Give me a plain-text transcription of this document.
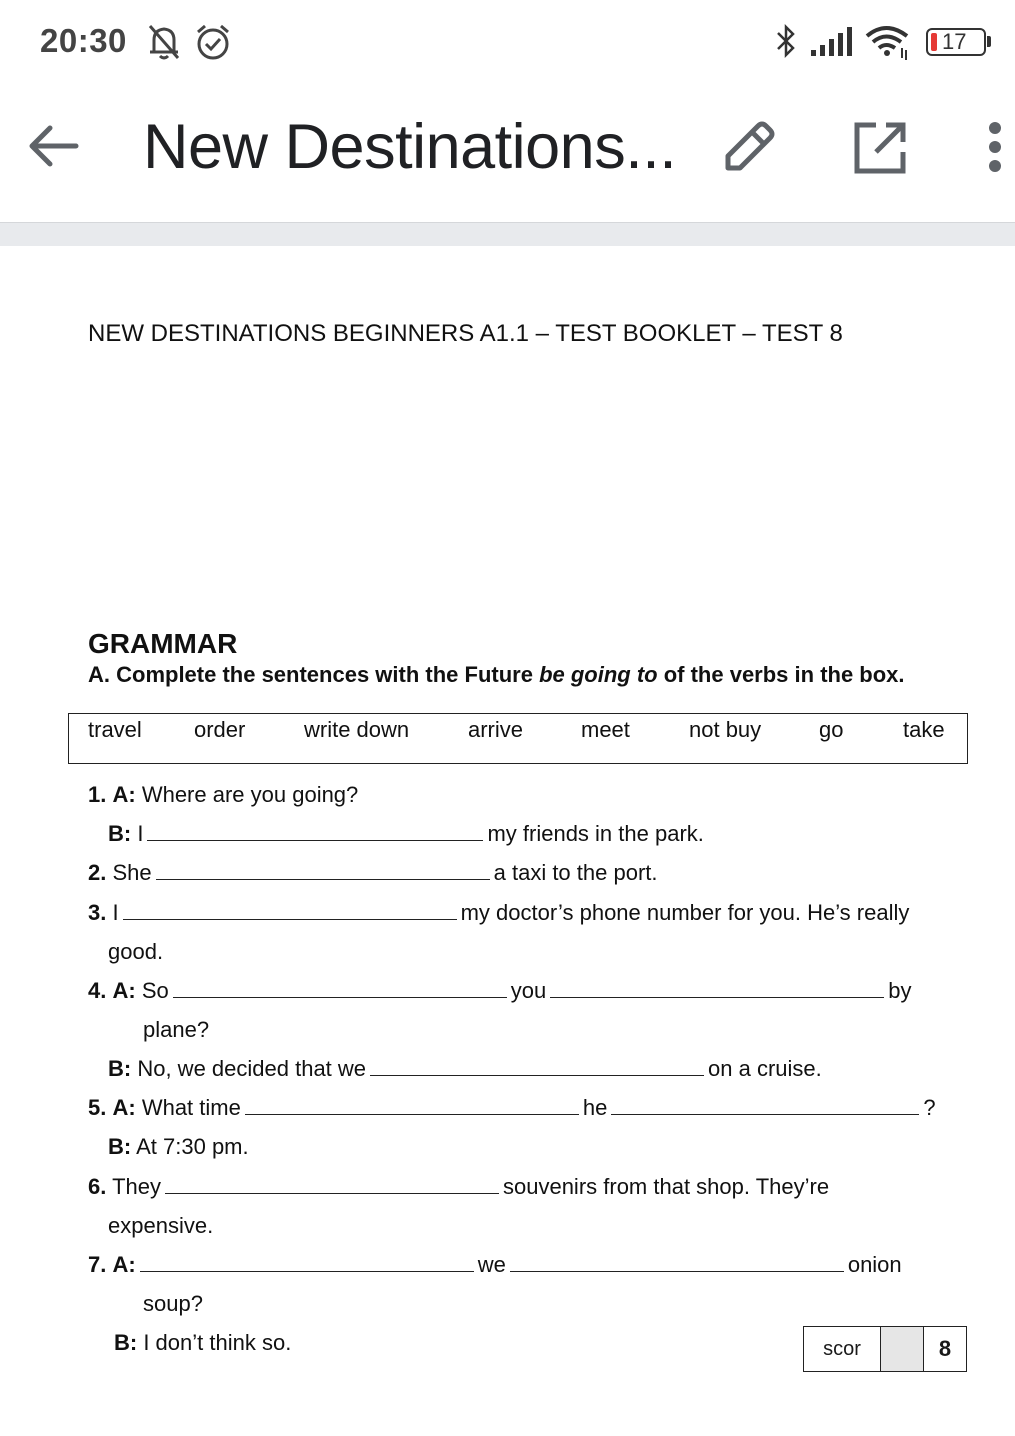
20:30	17
New Destinations...
NEW DESTINATIONS BEGINNERS A1.1 – TEST BOOKLET – TEST 8
GRAMMAR
A. Complete the sentences with the Future be going to of the verbs in the box.
travel order	write down	arrive	meet	not buy	go	take
1. A: Where are you going?
B: I	my friends in the park.
2. She	a taxi to the port.
3. I	my doctor’s phone number for you. He’s really
good.
4. A: So	you	by
plane?
B: No, we decided that we	on a cruise.
5. A: What time	he	?
B: At 7:30 pm.
6. They	souvenirs from that shop. They’re
expensive.
7. A:	we	onion
soup?
B: I don’t think so.	scor	8
